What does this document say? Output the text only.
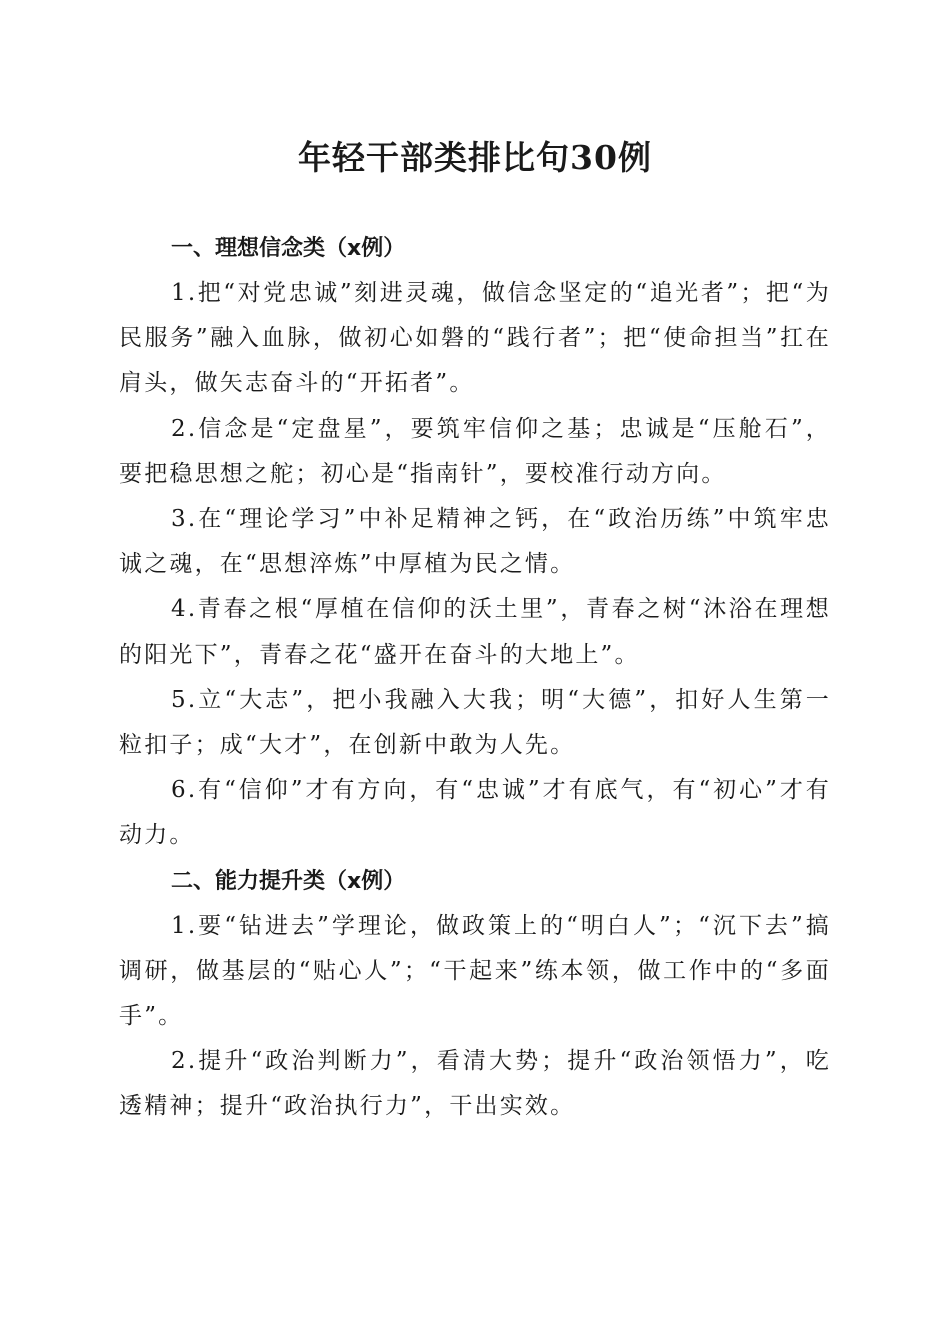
年轻干部类排比句30例

一、理想信念类（x例）

1.把“对党忠诚”刻进灵魂，做信念坚定的“追光者”；把“为民服务”融入血脉，做初心如磐的“践行者”；把“使命担当”扛在肩头，做矢志奋斗的“开拓者”。

2.信念是“定盘星”，要筑牢信仰之基；忠诚是“压舱石”，要把稳思想之舵；初心是“指南针”，要校准行动方向。

3.在“理论学习”中补足精神之钙，在“政治历练”中筑牢忠诚之魂，在“思想淬炼”中厚植为民之情。

4.青春之根“厚植在信仰的沃土里”，青春之树“沐浴在理想的阳光下”，青春之花“盛开在奋斗的大地上”。

5.立“大志”，把小我融入大我；明“大德”，扣好人生第一粒扣子；成“大才”，在创新中敢为人先。

6.有“信仰”才有方向，有“忠诚”才有底气，有“初心”才有动力。

二、能力提升类（x例）

1.要“钻进去”学理论，做政策上的“明白人”；“沉下去”搞调研，做基层的“贴心人”；“干起来”练本领，做工作中的“多面手”。

2.提升“政治判断力”，看清大势；提升“政治领悟力”，吃透精神；提升“政治执行力”，干出实效。
